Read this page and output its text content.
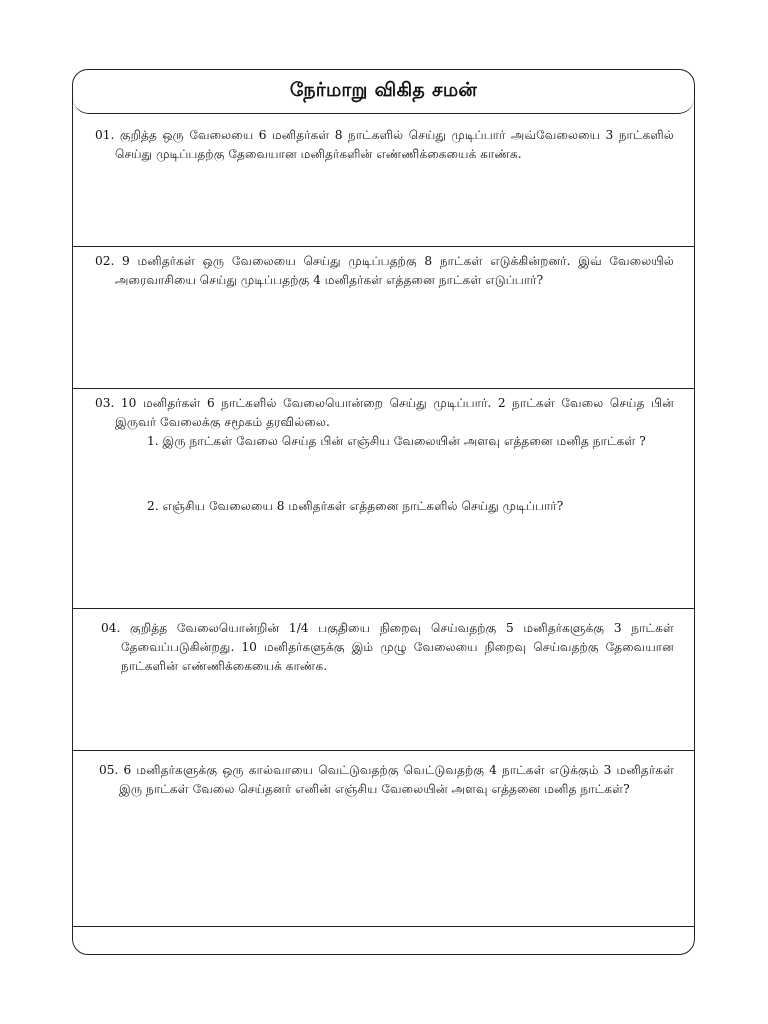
நேர்மாறு விகித சமன்

01. குறித்த ஒரு வேலையை 6 மனிதர்கள் 8 நாட்களில் செய்து முடிப்பார் அவ்வேலையை 3 நாட்களில் செய்து முடிப்பதற்கு தேவையான மனிதர்களின் எண்ணிக்கையைக் காண்க.

02. 9 மனிதர்கள் ஒரு வேலையை செய்து முடிப்பதற்கு 8 நாட்கள் எடுக்கின்றனர். இவ் வேலையில் அரைவாசியை செய்து முடிப்பதற்கு 4 மனிதர்கள் எத்தனை நாட்கள் எடுப்பார்?

03. 10 மனிதர்கள் 6 நாட்களில் வேலையொன்றை செய்து முடிப்பார். 2 நாட்கள் வேலை செய்த பின் இருவர் வேலைக்கு சமூகம் தரவில்லை.

1. இரு நாட்கள் வேலை செய்த பின் எஞ்சிய வேலையின் அளவு எத்தனை மனித நாட்கள் ?

2. எஞ்சிய வேலையை 8 மனிதர்கள் எத்தனை நாட்களில் செய்து முடிப்பார்?

04. குறித்த வேலையொன்றின் 1/4 பகுதியை நிறைவு செய்வதற்கு 5 மனிதர்களுக்கு 3 நாட்கள் தேவைப்படுகின்றது. 10 மனிதர்களுக்கு இம் முழு வேலையை நிறைவு செய்வதற்கு தேவையான நாட்களின் எண்ணிக்கையைக் காண்க.

05. 6 மனிதர்களுக்கு ஒரு கால்வாயை வெட்டுவதற்கு வெட்டுவதற்கு 4 நாட்கள் எடுக்கும் 3 மனிதர்கள் இரு நாட்கள் வேலை செய்தனர் எனின் எஞ்சிய வேலையின் அளவு எத்தனை மனித நாட்கள்?
